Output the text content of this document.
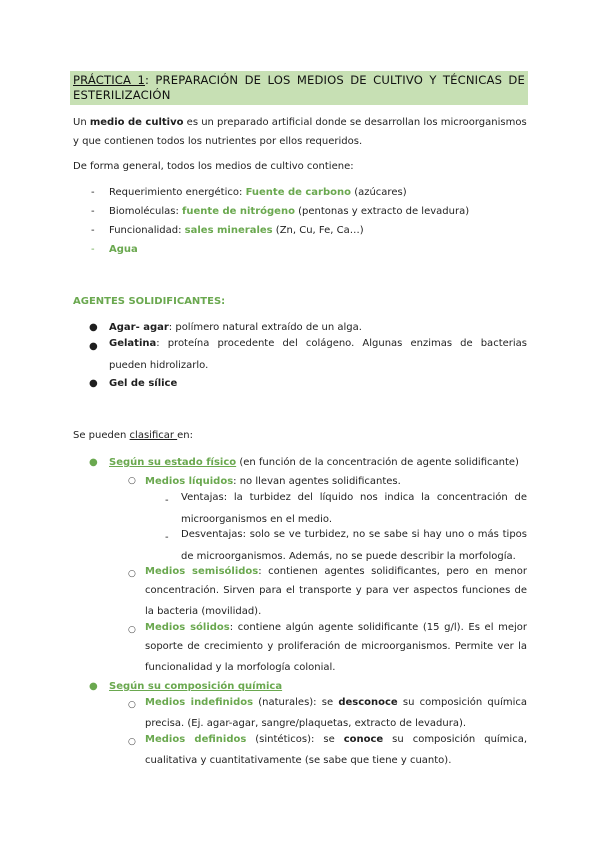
PRÁCTICA 1: PREPARACIÓN DE LOS MEDIOS DE CULTIVO Y TÉCNICAS DE ESTERILIZACIÓN
Un medio de cultivo es un preparado artificial donde se desarrollan los microorganismos
y que contienen todos los nutrientes por ellos requeridos.
De forma general, todos los medios de cultivo contiene:
- Requerimiento energético: Fuente de carbono (azúcares)
- Biomoléculas: fuente de nitrógeno (pentonas y extracto de levadura)
- Funcionalidad: sales minerales (Zn, Cu, Fe, Ca…)
- Agua
AGENTES SOLIDIFICANTES:
● Agar- agar: polímero natural extraído de un alga.
● Gelatina: proteína procedente del colágeno. Algunas enzimas de bacterias
pueden hidrolizarlo.
● Gel de sílice
Se pueden clasificar en:
● Según su estado físico (en función de la concentración de agente solidificante)
○ Medios líquidos: no llevan agentes solidificantes.
- Ventajas: la turbidez del líquido nos indica la concentración de
microorganismos en el medio.
- Desventajas: solo se ve turbidez, no se sabe si hay uno o más tipos
de microorganismos. Además, no se puede describir la morfología.
○ Medios semisólidos: contienen agentes solidificantes, pero en menor
concentración. Sirven para el transporte y para ver aspectos funciones de
la bacteria (movilidad).
○ Medios sólidos: contiene algún agente solidificante (15 g/l). Es el mejor
soporte de crecimiento y proliferación de microorganismos. Permite ver la
funcionalidad y la morfología colonial.
● Según su composición química
○ Medios indefinidos (naturales): se desconoce su composición química
precisa. (Ej. agar-agar, sangre/plaquetas, extracto de levadura).
○ Medios definidos (sintéticos): se conoce su composición química,
cualitativa y cuantitativamente (se sabe que tiene y cuanto).
